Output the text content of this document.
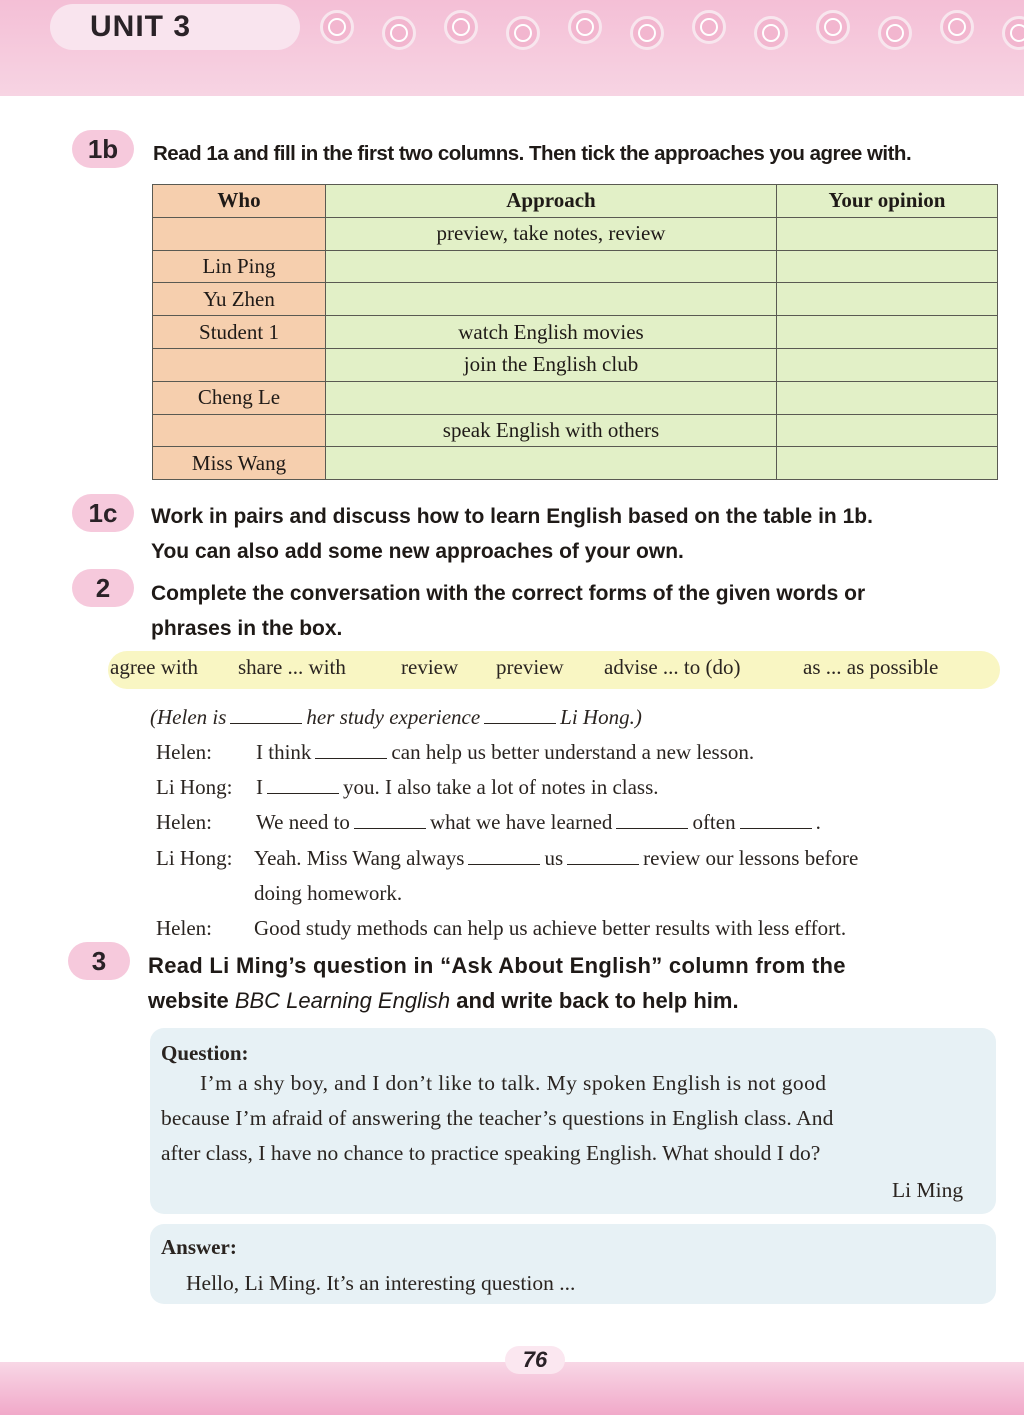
UNIT 3
1b	Read 1a and fill in the first two columns. Then tick the approaches you agree with.
Who	Approach	Your opinion
	preview, take notes, review	
Lin Ping		
Yu Zhen		
Student 1	watch English movies	
	join the English club	
Cheng Le		
	speak English with others	
Miss Wang		
1c	Work in pairs and discuss how to learn English based on the table in 1b.
You can also add some new approaches of your own.
2	Complete the conversation with the correct forms of the given words or
phrases in the box.
agree with share ... with	review preview advise ... to (do)	as ... as possible
(Helen is	her study experience	Li Hong.)
Helen: I think	can help us better understand a new lesson.
Li Hong: I	you. I also take a lot of notes in class.
Helen: We need to	what we have learned	often	.
Li Hong: Yeah. Miss Wang always	us	review our lessons before
doing homework.
Helen: Good study methods can help us achieve better results with less effort.
3	Read Li Ming’s question in “Ask About English” column from the
website BBC Learning English and write back to help him.
Question:
I’m a shy boy, and I don’t like to talk. My spoken English is not good
because I’m afraid of answering the teacher’s questions in English class. And
after class, I have no chance to practice speaking English. What should I do?
Li Ming
Answer:
Hello, Li Ming. It’s an interesting question ...
76
